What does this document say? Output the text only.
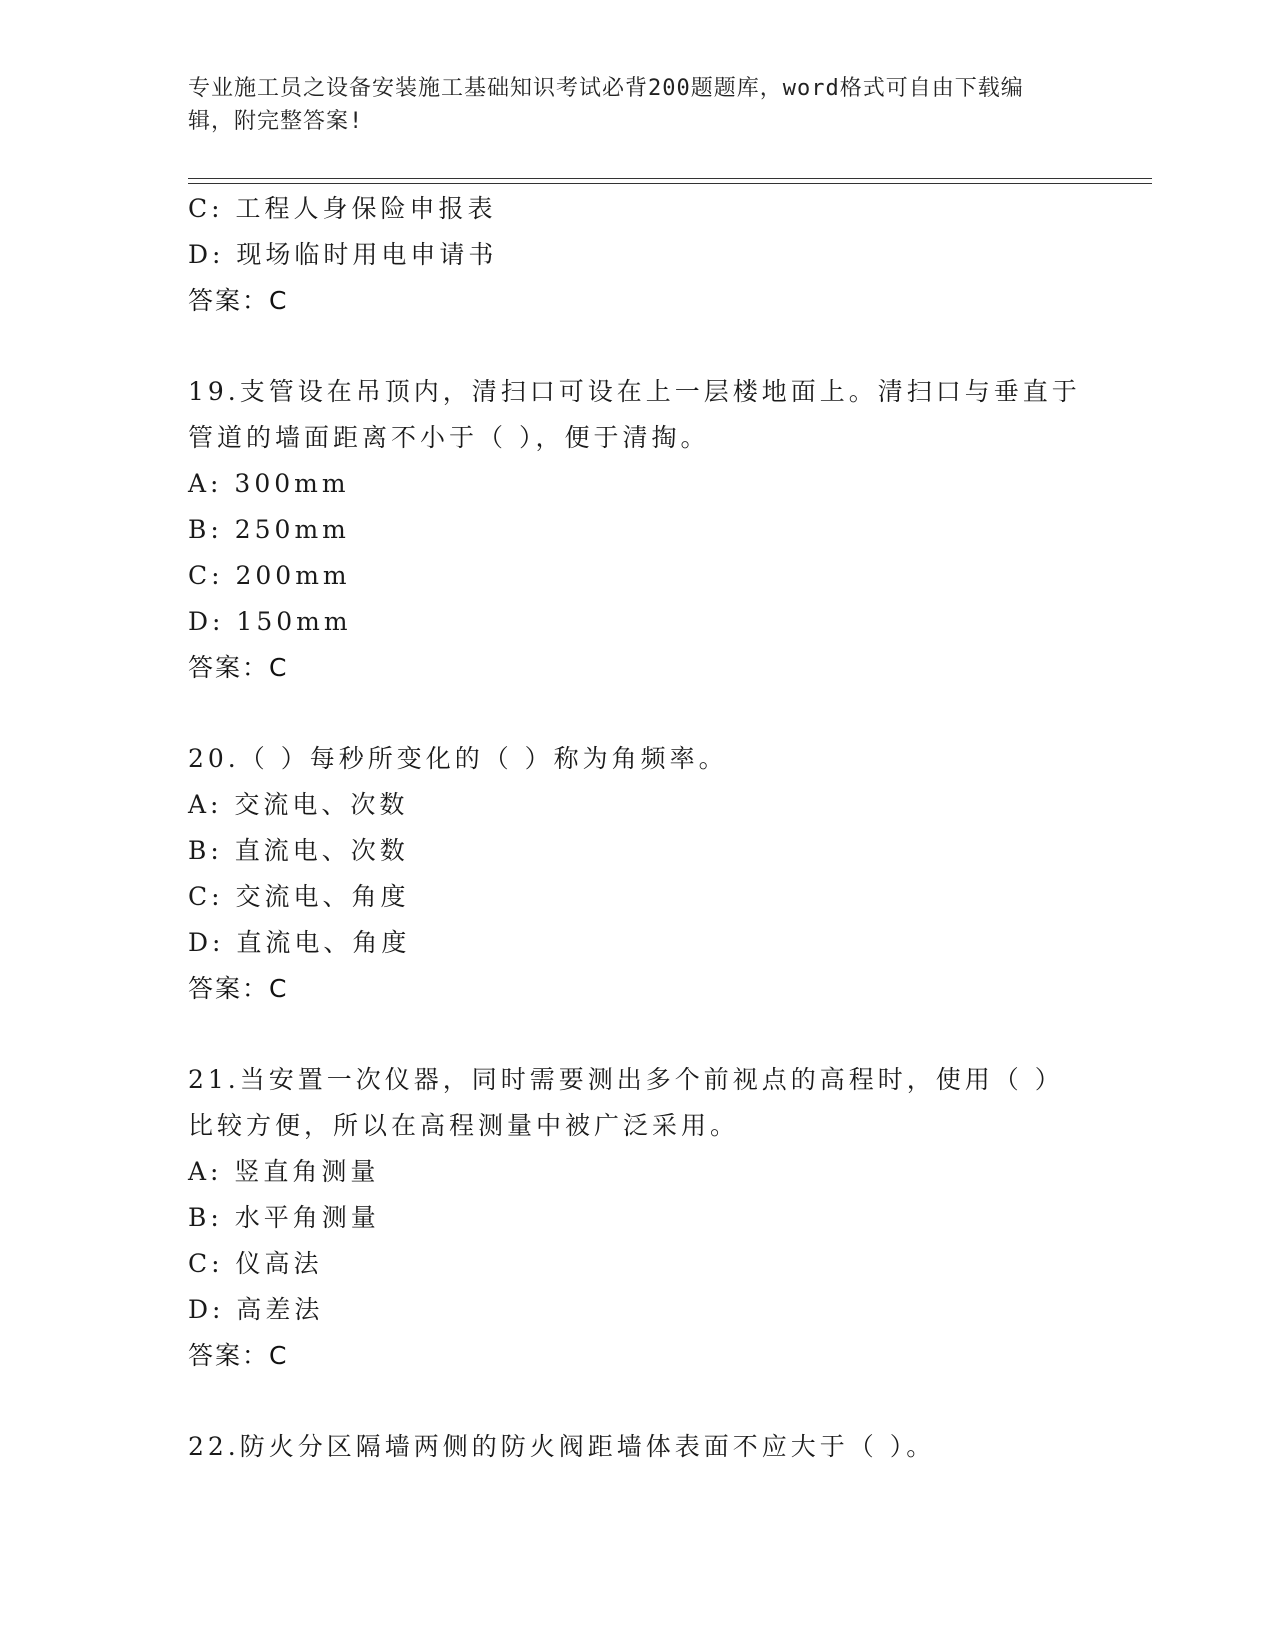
专业施工员之设备安装施工基础知识考试必背200题题库，word格式可自由下载编辑，附完整答案!
C: 工程人身保险申报表
D: 现场临时用电申请书
答案：C
19.支管设在吊顶内，清扫口可设在上一层楼地面上。清扫口与垂直于
管道的墙面距离不小于（ ），便于清掏。
A: 300mm
B: 250mm
C: 200mm
D: 150mm
答案：C
20.（ ）每秒所变化的（ ）称为角频率。
A: 交流电、次数
B: 直流电、次数
C: 交流电、角度
D: 直流电、角度
答案：C
21.当安置一次仪器，同时需要测出多个前视点的高程时，使用（ ）
比较方便，所以在高程测量中被广泛采用。
A: 竖直角测量
B: 水平角测量
C: 仪高法
D: 高差法
答案：C
22.防火分区隔墙两侧的防火阀距墙体表面不应大于（ ）。
